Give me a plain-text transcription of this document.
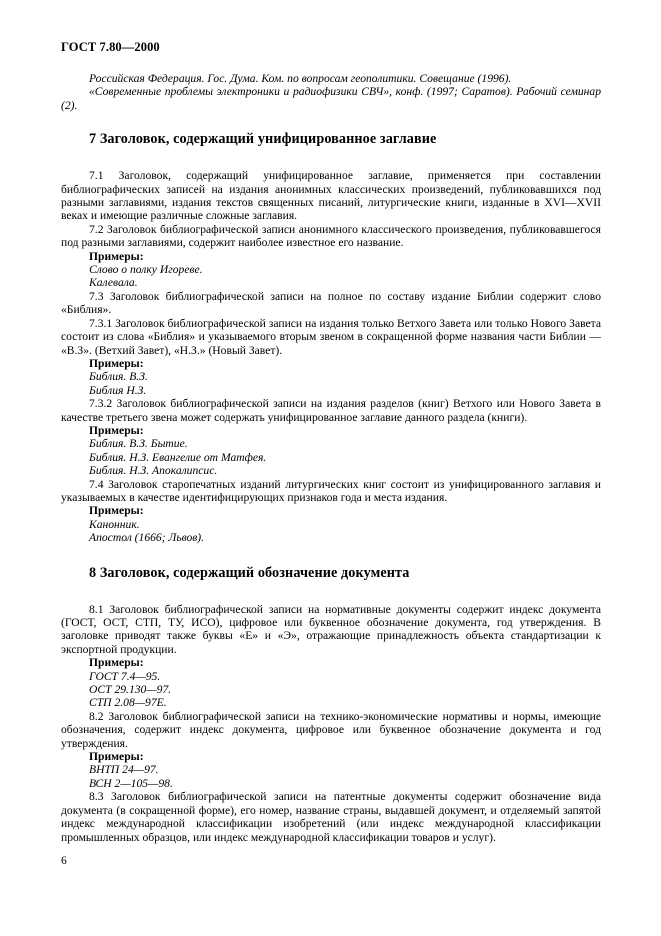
ГОСТ 7.80—2000

Российская Федерация. Гос. Дума. Ком. по вопросам геополитики. Совещание (1996).

«Современные проблемы электроники и радиофизики СВЧ», конф. (1997; Саратов). Рабочий семинар (2).

7 Заголовок, содержащий унифицированное заглавие

7.1 Заголовок, содержащий унифицированное заглавие, применяется при составлении библиографических записей на издания анонимных классических произведений, публиковавшихся под разными заглавиями, издания текстов священных писаний, литургические книги, изданные в XVI—XVII веках и имеющие различные сложные заглавия.

7.2 Заголовок библиографической записи анонимного классического произведения, публиковавшегося под разными заглавиями, содержит наиболее известное его название.

Примеры:

Слово о полку Игореве.

Калевала.

7.3 Заголовок библиографической записи на полное по составу издание Библии содержит слово «Библия».

7.3.1 Заголовок библиографической записи на издания только Ветхого Завета или только Нового Завета состоит из слова «Библия» и указываемого вторым звеном в сокращенной форме названия части Библии — «В.З». (Ветхий Завет), «Н.З.» (Новый Завет).

Примеры:

Библия. В.З.

Библия Н.З.

7.3.2 Заголовок библиографической записи на издания разделов (книг) Ветхого или Нового Завета в качестве третьего звена может содержать унифицированное заглавие данного раздела (книги).

Примеры:

Библия. В.З. Бытие.

Библия. Н.З. Евангелие от Матфея.

Библия. Н.З. Апокалипсис.

7.4 Заголовок старопечатных изданий литургических книг состоит из унифицированного заглавия и указываемых в качестве идентифицирующих признаков года и места издания.

Примеры:

Канонник.

Апостол (1666; Львов).

8 Заголовок, содержащий обозначение документа

8.1 Заголовок библиографической записи на нормативные документы содержит индекс документа (ГОСТ, ОСТ, СТП, ТУ, ИСО), цифровое или буквенное обозначение документа, год утверждения. В заголовке приводят также буквы «Е» и «Э», отражающие принадлежность объекта стандартизации к экспортной продукции.

Примеры:

ГОСТ 7.4—95.

ОСТ 29.130—97.

СТП 2.08—97Е.

8.2 Заголовок библиографической записи на технико-экономические нормативы и нормы, имеющие обозначения, содержит индекс документа, цифровое или буквенное обозначение документа и год утверждения.

Примеры:

ВНТП 24—97.

ВСН 2—105—98.

8.3 Заголовок библиографической записи на патентные документы содержит обозначение вида документа (в сокращенной форме), его номер, название страны, выдавшей документ, и отделяемый запятой индекс международной классификации изобретений (или индекс международной классификации промышленных образцов, или индекс международной классификации товаров и услуг).

6
